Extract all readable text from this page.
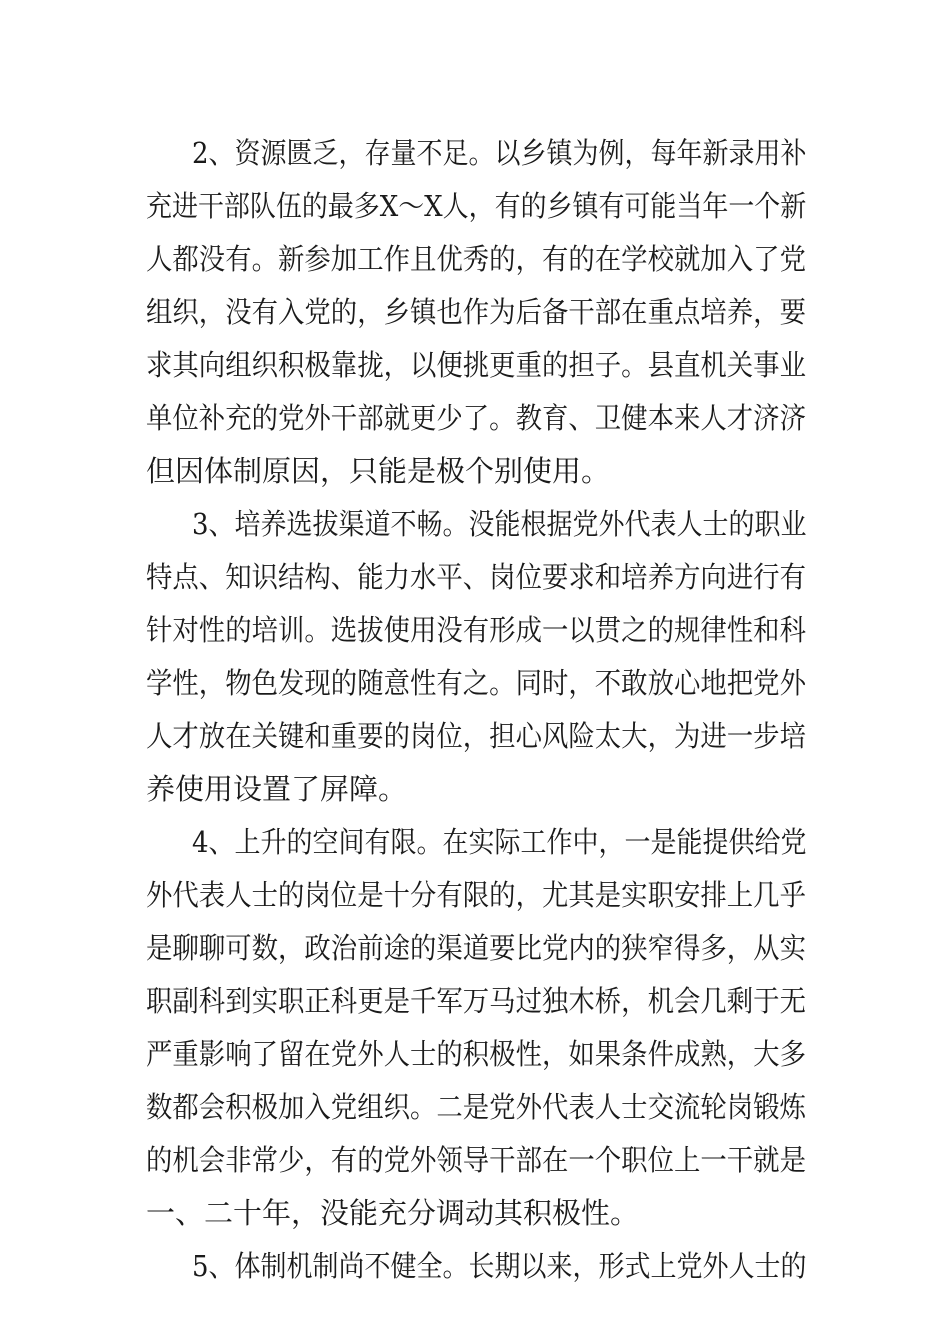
2、资源匮乏，存量不足。以乡镇为例，每年新录用补

充进干部队伍的最多X～X人，有的乡镇有可能当年一个新

人都没有。新参加工作且优秀的，有的在学校就加入了党

组织，没有入党的，乡镇也作为后备干部在重点培养，要

求其向组织积极靠拢，以便挑更重的担子。县直机关事业

单位补充的党外干部就更少了。教育、卫健本来人才济济

但因体制原因，只能是极个别使用。

3、培养选拔渠道不畅。没能根据党外代表人士的职业

特点、知识结构、能力水平、岗位要求和培养方向进行有

针对性的培训。选拔使用没有形成一以贯之的规律性和科

学性，物色发现的随意性有之。同时，不敢放心地把党外

人才放在关键和重要的岗位，担心风险太大，为进一步培

养使用设置了屏障。

4、上升的空间有限。在实际工作中，一是能提供给党

外代表人士的岗位是十分有限的，尤其是实职安排上几乎

是聊聊可数，政治前途的渠道要比党内的狭窄得多，从实

职副科到实职正科更是千军万马过独木桥，机会几剩于无

严重影响了留在党外人士的积极性，如果条件成熟，大多

数都会积极加入党组织。二是党外代表人士交流轮岗锻炼

的机会非常少，有的党外领导干部在一个职位上一干就是

一、二十年，没能充分调动其积极性。

5、体制机制尚不健全。长期以来，形式上党外人士的
